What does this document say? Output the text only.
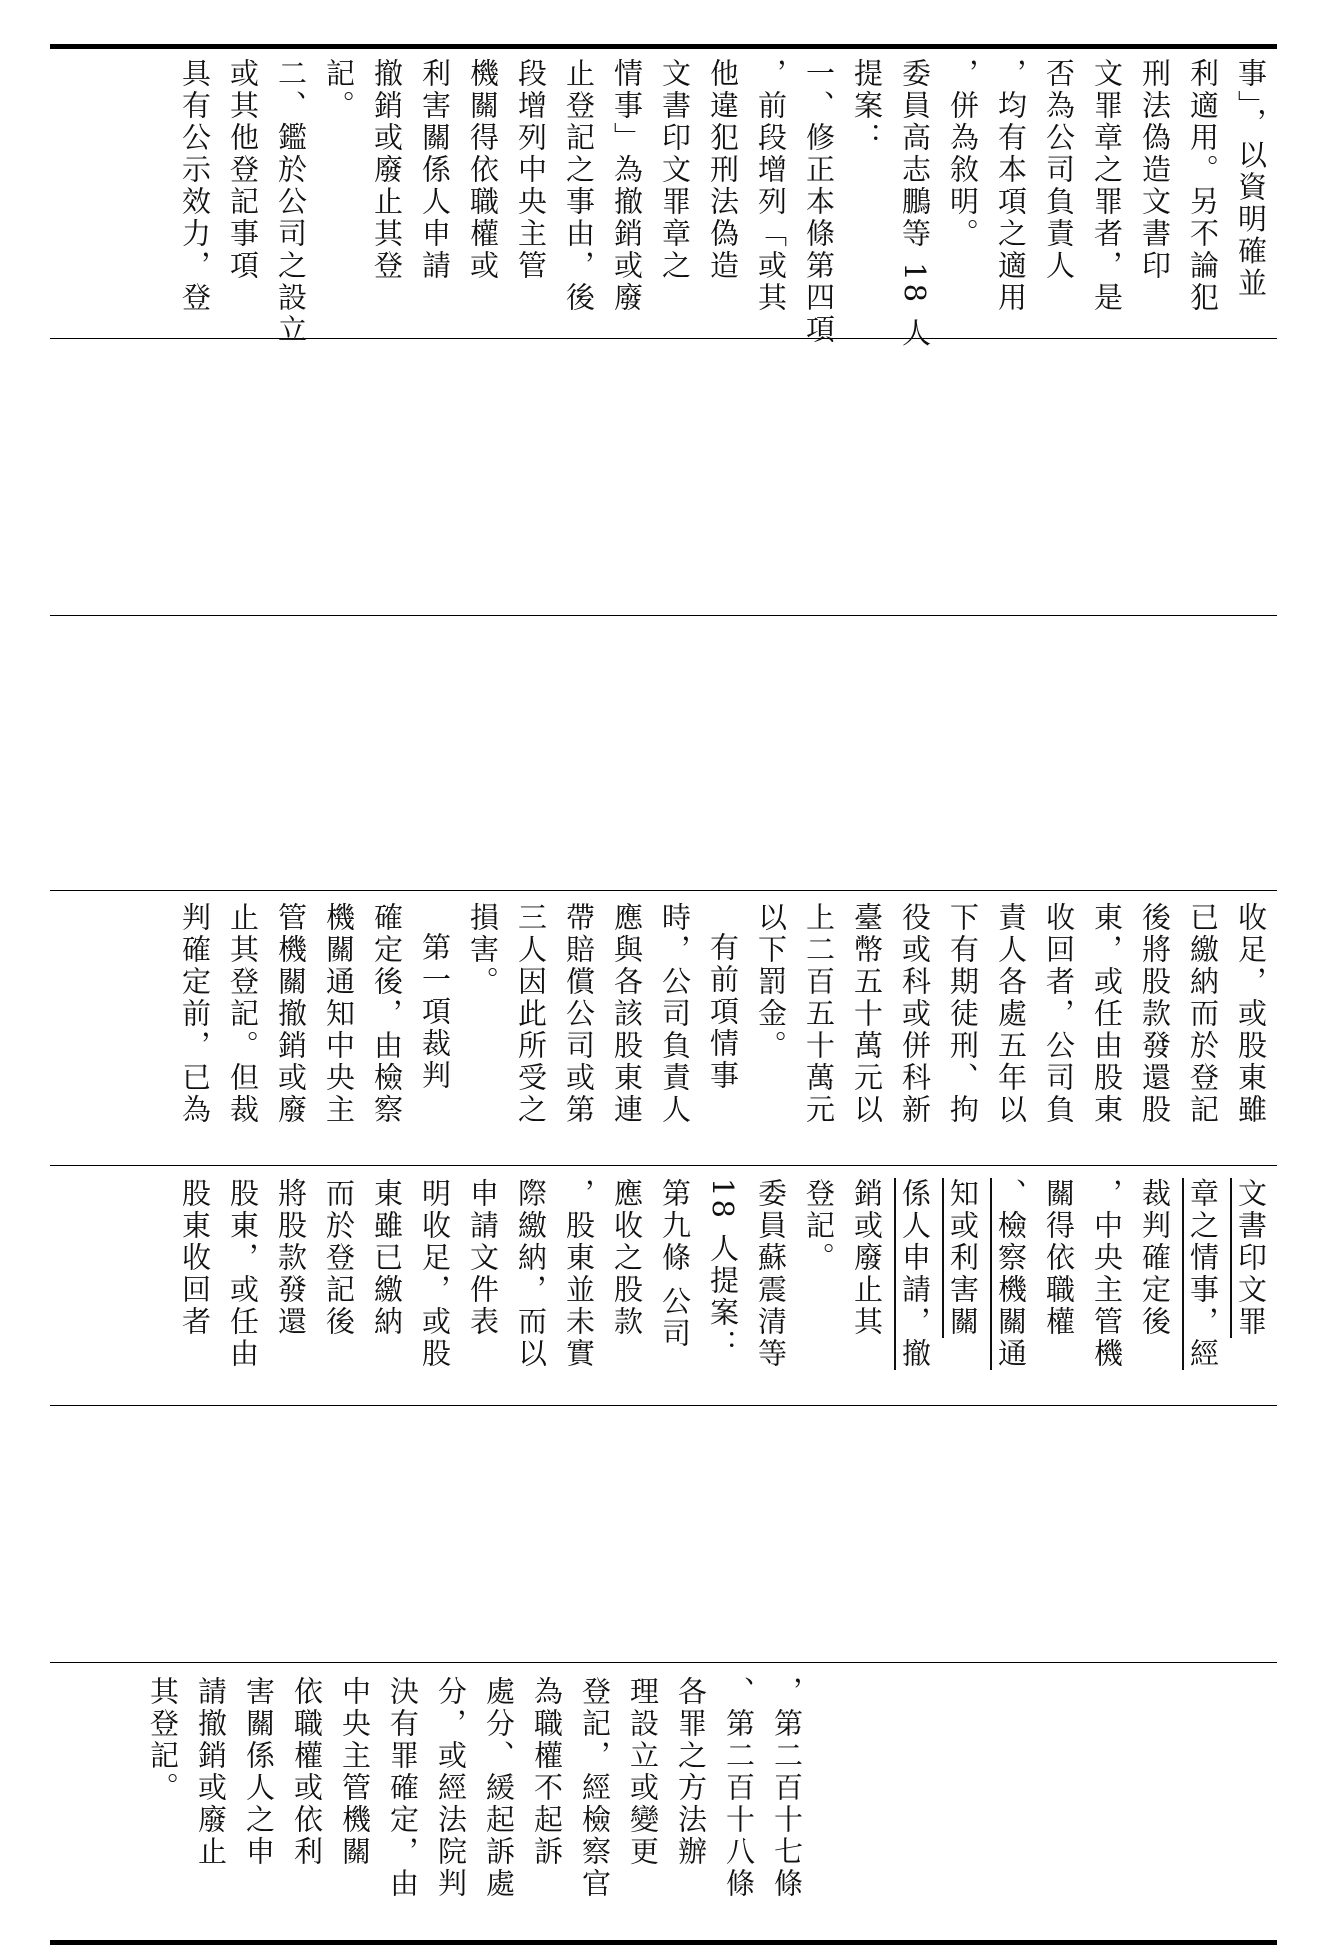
事」，以資明確並
利適用。另不論犯
刑法偽造文書印
文罪章之罪者，是
否為公司負責人
，均有本項之適用
，併為敘明。
委員高志鵬等 18 人
提案：
一、修正本條第四項
，前段增列「或其
他違犯刑法偽造
文書印文罪章之
情事」為撤銷或廢
止登記之事由，後
段增列中央主管
機關得依職權或
利害關係人申請
撤銷或廢止其登
記。
二、鑑於公司之設立
或其他登記事項
具有公示效力，登
收足，或股東雖
已繳納而於登記
後將股款發還股
東，或任由股東
收回者，公司負
責人各處五年以
下有期徒刑、拘
役或科或併科新
臺幣五十萬元以
上二百五十萬元
以下罰金。
有前項情事
時，公司負責人
應與各該股東連
帶賠償公司或第
三人因此所受之
損害。
第一項裁判
確定後，由檢察
機關通知中央主
管機關撤銷或廢
止其登記。但裁
判確定前，已為
文書印文罪
章之情事，經
裁判確定後
，中央主管機
關得依職權
、檢察機關通
知或利害關
係人申請，撤
銷或廢止其
登記。
委員蘇震清等
18 人提案：
第九條 公司
應收之股款
，股東並未實
際繳納，而以
申請文件表
明收足，或股
東雖已繳納
而於登記後
將股款發還
股東，或任由
股東收回者
，第二百十七條
、第二百十八條
各罪之方法辦
理設立或變更
登記，經檢察官
為職權不起訴
處分、緩起訴處
分，或經法院判
決有罪確定，由
中央主管機關
依職權或依利
害關係人之申
請撤銷或廢止
其登記。
